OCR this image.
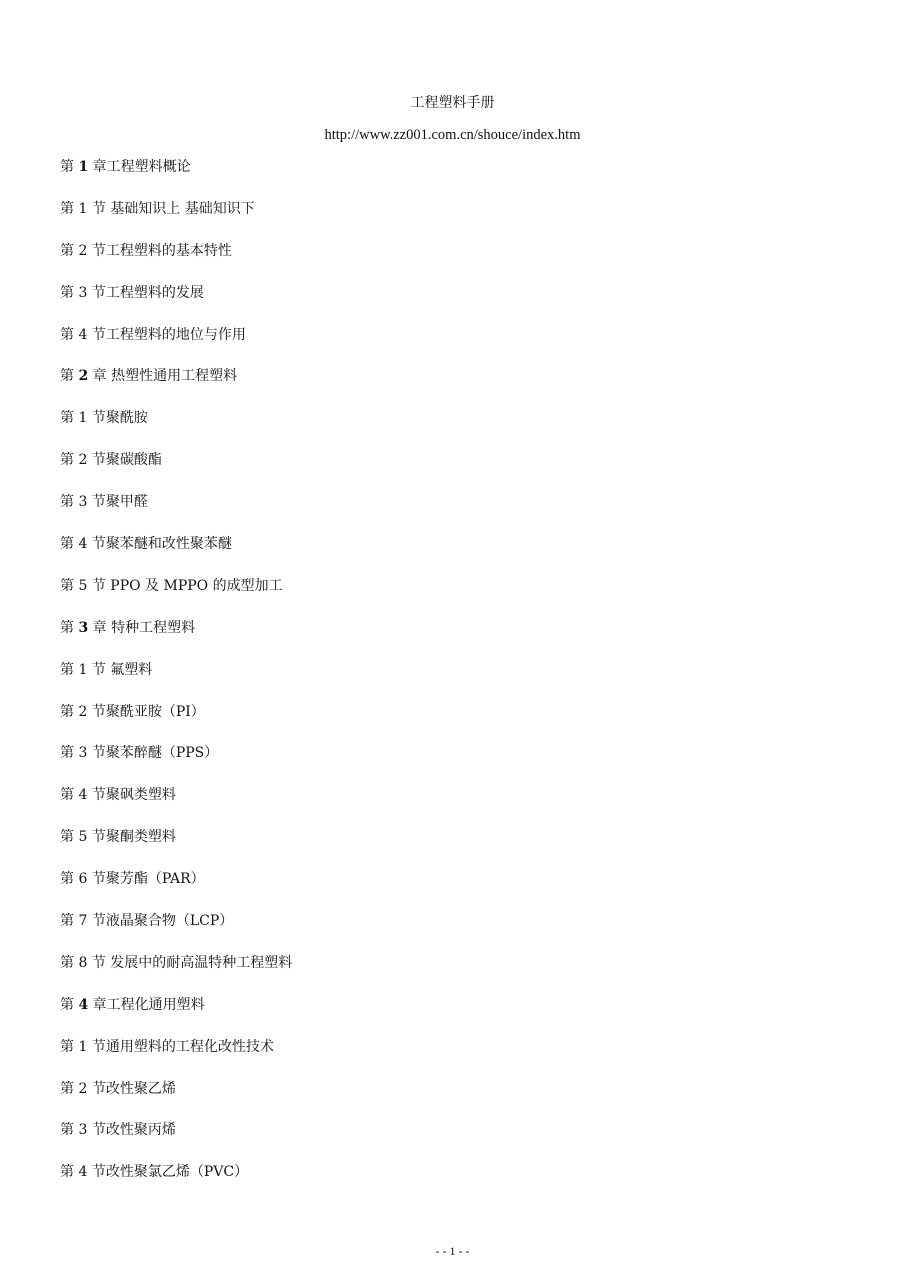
工程塑料手册
http://www.zz001.com.cn/shouce/index.htm
第 1 章工程塑料概论
第 1 节 基础知识上 基础知识下
第 2 节工程塑料的基本特性
第 3 节工程塑料的发展
第 4 节工程塑料的地位与作用
第 2 章 热塑性通用工程塑料
第 1 节聚酰胺
第 2 节聚碳酸酯
第 3 节聚甲醛
第 4 节聚苯醚和改性聚苯醚
第 5 节 PPO 及 MPPO 的成型加工
第 3 章 特种工程塑料
第 1 节 氟塑料
第 2 节聚酰亚胺（PI）
第 3 节聚苯醉醚（PPS）
第 4 节聚砜类塑料
第 5 节聚酮类塑料
第 6 节聚芳酯（PAR）
第 7 节液晶聚合物（LCP）
第 8 节 发展中的耐高温特种工程塑料
第 4 章工程化通用塑料
第 1 节通用塑料的工程化改性技术
第 2 节改性聚乙烯
第 3 节改性聚丙烯
第 4 节改性聚氯乙烯（PVC）
- - 1 - -
